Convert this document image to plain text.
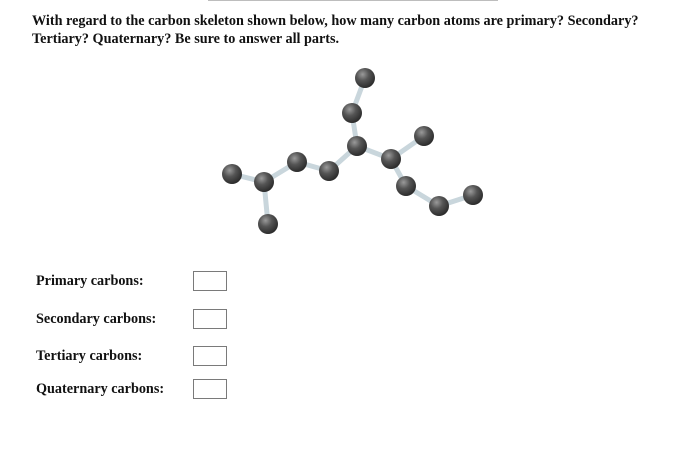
With regard to the carbon skeleton shown below, how many carbon atoms are primary? Secondary? Tertiary? Quaternary? Be sure to answer all parts.
Primary carbons:
Secondary carbons:
Tertiary carbons:
Quaternary carbons:
